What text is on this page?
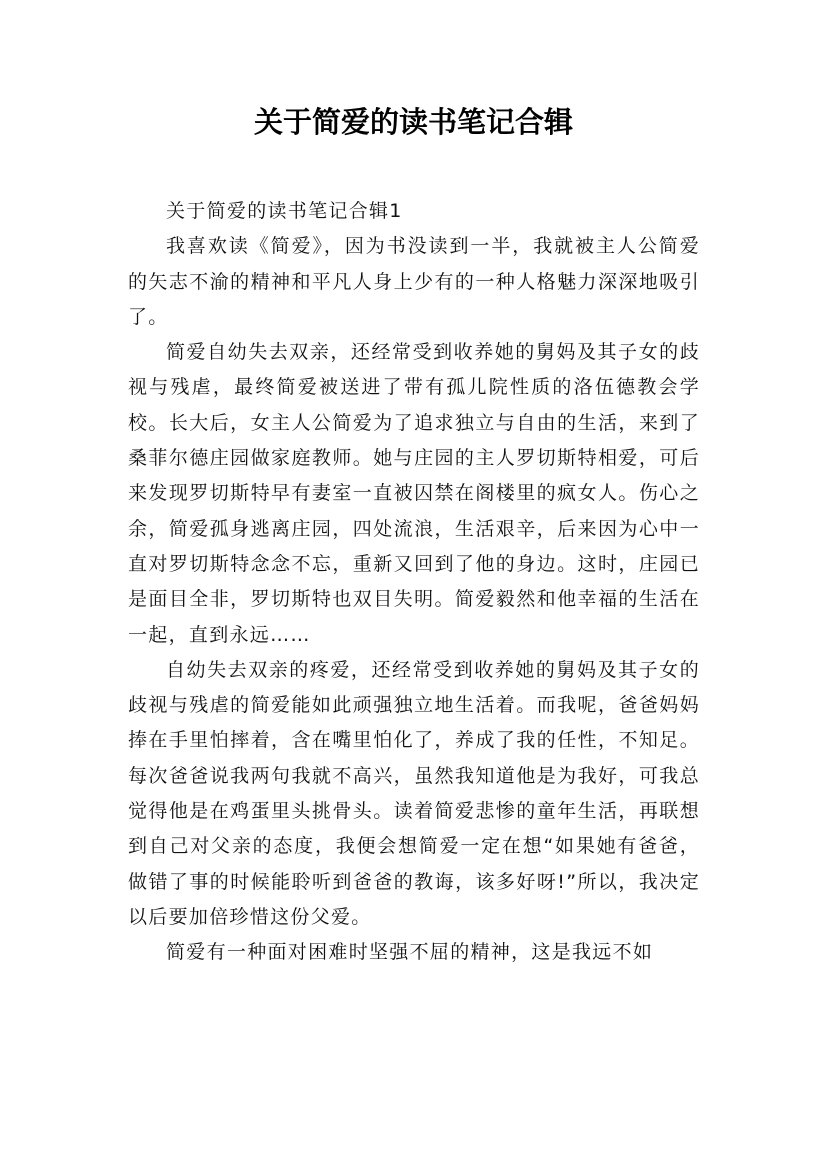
关于简爱的读书笔记合辑

关于简爱的读书笔记合辑1

我喜欢读《简爱》，因为书没读到一半，我就被主人公简爱的矢志不渝的精神和平凡人身上少有的一种人格魅力深深地吸引了。

简爱自幼失去双亲，还经常受到收养她的舅妈及其子女的歧视与残虐，最终简爱被送进了带有孤儿院性质的洛伍德教会学校。长大后，女主人公简爱为了追求独立与自由的生活，来到了桑菲尔德庄园做家庭教师。她与庄园的主人罗切斯特相爱，可后来发现罗切斯特早有妻室一直被囚禁在阁楼里的疯女人。伤心之余，简爱孤身逃离庄园，四处流浪，生活艰辛，后来因为心中一直对罗切斯特念念不忘，重新又回到了他的身边。这时，庄园已是面目全非，罗切斯特也双目失明。简爱毅然和他幸福的生活在一起，直到永远……

自幼失去双亲的疼爱，还经常受到收养她的舅妈及其子女的歧视与残虐的简爱能如此顽强独立地生活着。而我呢，爸爸妈妈捧在手里怕摔着，含在嘴里怕化了，养成了我的任性，不知足。每次爸爸说我两句我就不高兴，虽然我知道他是为我好，可我总觉得他是在鸡蛋里头挑骨头。读着简爱悲惨的童年生活，再联想到自己对父亲的态度，我便会想简爱一定在想“如果她有爸爸，做错了事的时候能聆听到爸爸的教诲，该多好呀!”所以，我决定以后要加倍珍惜这份父爱。

简爱有一种面对困难时坚强不屈的精神，这是我远不如
